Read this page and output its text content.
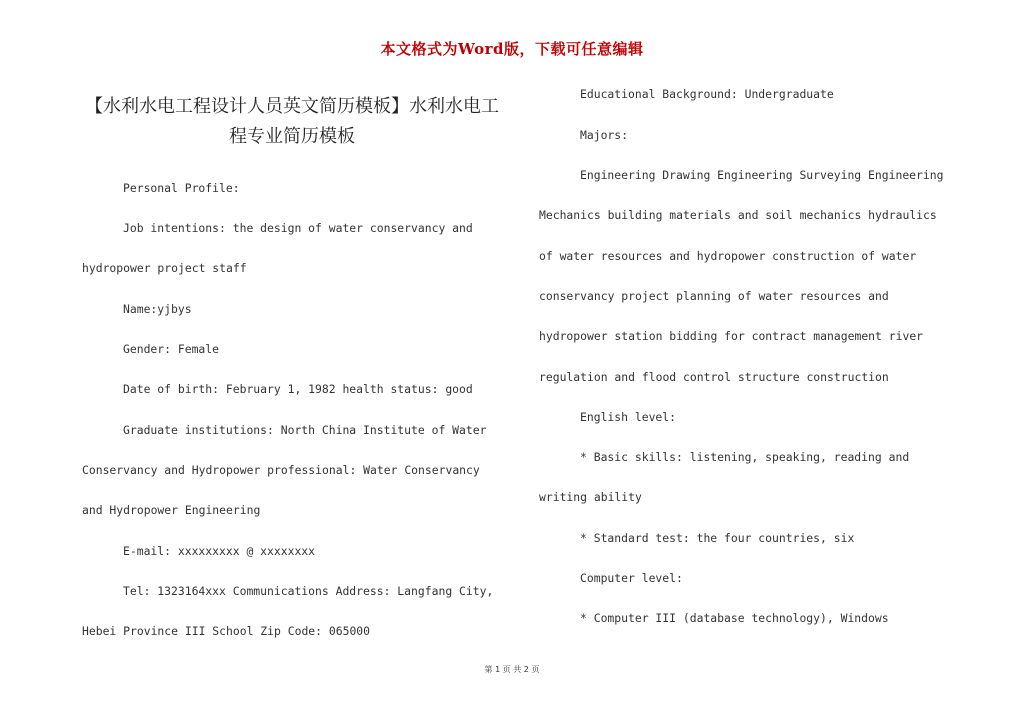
本文格式为Word版，下载可任意编辑
【水利水电工程设计人员英文简历模板】水利水电工
程专业简历模板

Personal Profile:

Job intentions: the design of water conservancy and

hydropower project staff

Name:yjbys

Gender: Female

Date of birth: February 1, 1982 health status: good

Graduate institutions: North China Institute of Water

Conservancy and Hydropower professional: Water Conservancy

and Hydropower Engineering

E-mail: xxxxxxxxx @ xxxxxxxx

Tel: 1323164xxx Communications Address: Langfang City,

Hebei Province III School Zip Code: 065000

Educational Background: Undergraduate

Majors:

Engineering Drawing Engineering Surveying Engineering

Mechanics building materials and soil mechanics hydraulics

of water resources and hydropower construction of water

conservancy project planning of water resources and

hydropower station bidding for contract management river

regulation and flood control structure construction

English level:

* Basic skills: listening, speaking, reading and

writing ability

* Standard test: the four countries, six

Computer level:

* Computer III (database technology), Windows

第 1 页 共 2 页
